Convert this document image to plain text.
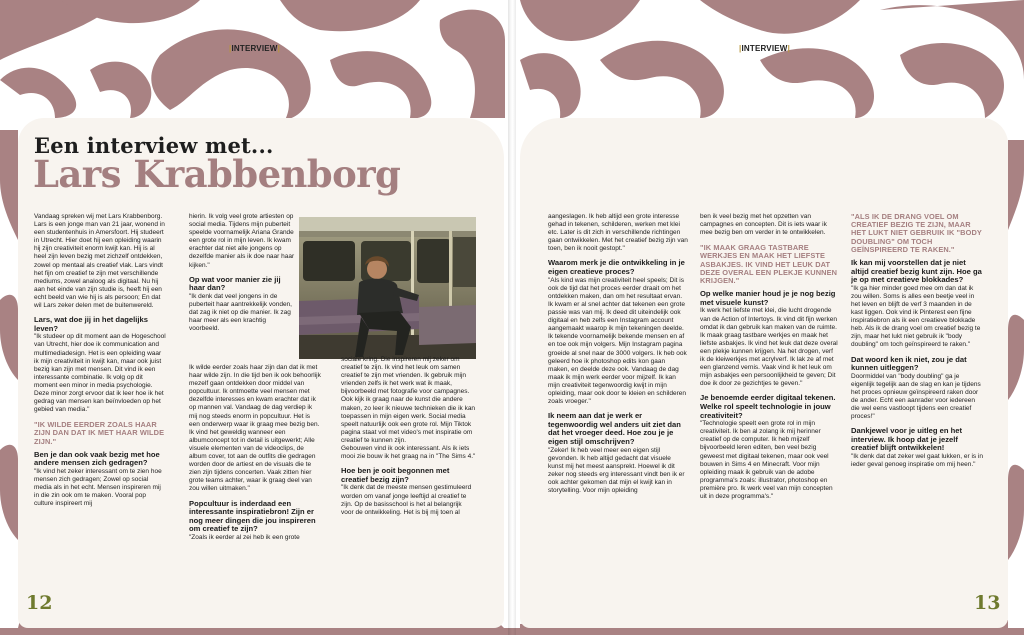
|INTERVIEW|	|INTERVIEW|
Een interview met...
Lars Krabbenborg

Vandaag spreken wij met Lars Krabbenborg. Lars is een jonge man van 21 jaar, wonend in een studentenhuis in Amersfoort. Hij studeert in Utrecht. Hier doet hij een opleiding waarin hij zijn creativiteit enorm kwijt kan. Hij is al heel zijn leven bezig met zichzelf ontdekken, zowel op mentaal als creatief vlak. Lars vindt het fijn om creatief te zijn met verschillende mediums, zowel analoog als digitaal. Nu hij aan het einde van zijn studie is, heeft hij een echt beeld van wie hij is als persoon; En dat wil Lars zeker delen met de buitenwereld.

Lars, wat doe jij in het dagelijks leven?

"Ik studeer op dit moment aan de Hogeschool van Utrecht, hier doe ik communication and multimediadesign. Het is een opleiding waar ik mijn creativiteit in kwijt kan, maar ook juist bezig kan zijn met mensen. Dit vind ik een interessante combinatie. Ik volg op dit moment een minor in media psychologie. Deze minor zorgt ervoor dat ik leer hoe ik het gedrag van mensen kan beïnvloeden op het gebied van media."

"IK WILDE EERDER ZOALS HAAR ZIJN DAN DAT IK MET HAAR WILDE ZIJN."

Ben je dan ook vaak bezig met hoe andere mensen zich gedragen?

"Ik vind het zeker interessant om te zien hoe mensen zich gedragen; Zowel op social media als in het echt. Mensen inspireren mij in die zin ook om te maken. Vooral pop culture inspireert mij

hierin. Ik volg veel grote artiesten op social media. Tijdens mijn puberteit speelde voornamelijk Ariana Grande een grote rol in mijn leven. Ik kwam erachter dat niet alle jongens op dezelfde manier als ik doe naar haar kijken."

Op wat voor manier zie jij haar dan?

"Ik denk dat veel jongens in de puberteit haar aantrekkelijk vonden, dat zag ik niet op die manier. Ik zag haar meer als een krachtig voorbeeld.

Ik wilde eerder zoals haar zijn dan dat ik met haar wilde zijn. In die tijd ben ik ook behoorlijk mezelf gaan ontdekken door middel van popcultuur. Ik ontmoette veel mensen met dezelfde interesses en kwam erachter dat ik op mannen val. Vandaag de dag verdiep ik mij nog steeds enorm in popcultuur. Het is een onderwerp waar ik graag mee bezig ben. Ik vind het geweldig wanneer een albumconcept tot in detail is uitgewerkt; Alle visuele elementen van de videoclips, de album cover, tot aan de outfits die gedragen worden door de artiest en de visuals die te zien zijn tijdens concerten. Vaak zitten hier grote teams achter, waar ik graag deel van zou willen uitmaken."

Popcultuur is inderdaad een interessante inspiratiebron! Zijn er nog meer dingen die jou inspireren om creatief te zijn?

"Zoals ik eerder al zei heb ik een grote

sociale kring. Die inspireren mij zeker om creatief te zijn. Ik vind het leuk om samen creatief te zijn met vrienden. Ik gebruik mijn vrienden zelfs ik het werk wat ik maak, bijvoorbeeld met fotografie voor campagnes. Ook kijk ik graag naar de kunst die andere maken, zo leer ik nieuwe technieken die ik kan toepassen in mijn eigen werk. Social media speelt natuurlijk ook een grote rol. Mijn Tiktok pagina staat vol met video's met inspiratie om creatief te kunnen zijn.

Gebouwen vind ik ook interessant. Als ik iets mooi zie bouw ik het graag na in "The Sims 4."

Hoe ben je ooit begonnen met creatief bezig zijn?

"Ik denk dat de meeste mensen gestimuleerd worden om vanaf jonge leeftijd al creatief te zijn. Op de basisschool is het al belangrijk voor de ontwikkeling. Het is bij mij toen al

aangeslagen. Ik heb altijd een grote interesse gehad in tekenen, schilderen, werken met klei etc. Later is dit zich in verschillende richtingen gaan ontwikkelen. Met het creatief bezig zijn van toen, ben ik nooit gestopt."

Waarom merk je die ontwikkeling in je eigen creatieve proces?

"Als kind was mijn creativiteit heel speels; Dit is ook de tijd dat het proces eerder draait om het ontdekken maken, dan om het resultaat ervan. Ik kwam er al snel achter dat tekenen een grote passie was van mij. Ik deed dit uiteindelijk ook digitaal en heb zelfs een Instagram account aangemaakt waarop ik mijn tekeningen deelde. Ik tekende voornamelijk bekende mensen en af en toe ook mijn volgers. Mijn Instagram pagina groeide al snel naar de 3000 volgers. Ik heb ook geleerd hoe ik photoshop edits kon gaan maken, en deelde deze ook. Vandaag de dag maak ik mijn werk eerder voor mijzelf. Ik kan mijn creativiteit tegenwoordig kwijt in mijn opleiding, maar ook door te kleien en schilderen zoals vroeger."

Ik neem aan dat je werk er tegenwoordig wel anders uit ziet dan dat het vroeger deed. Hoe zou je je eigen stijl omschrijven?

"Zeker! Ik heb veel meer een eigen stijl gevonden. Ik heb altijd gedacht dat visuele kunst mij het meest aansprekt. Hoewel ik dit zeker nog steeds erg interessant vindt ben ik er ook achter gekomen dat mijn el kwijt kan in storytelling. Voor mijn opleiding

ben ik veel bezig met het opzetten van campagnes en concepten. Dit is iets waar ik mee bezig ben om verder in te ontwikkelen.

"IK MAAK GRAAG TASTBARE WERKJES EN MAAK HET LIEFSTE ASBAKJES. IK VIND HET LEUK DAT DEZE OVERAL EEN PLEKJE KUNNEN KRIJGEN."

Op welke manier houd je je nog bezig met visuele kunst?

Ik werk het liefste met klei, die lucht drogende van de Action of Intertoys. Ik vind dit fijn werken omdat ik dan gebruik kan maken van de ruimte. Ik maak graag tastbare werkjes en maak het liefste asbakjes. Ik vind het leuk dat deze overal een plekje kunnen krijgen. Na het drogen, verf ik de kleiwerkjes met acrylverf. Ik lak ze af met een glanzend vernis. Vaak vind ik het leuk om mijn asbakjes een persoonlijkheid te geven; Dit doe ik door ze gezichtjes te geven."

Je benoemde eerder digitaal tekenen. Welke rol speelt technologie in jouw creativiteit?

"Technologie speelt een grote rol in mijn creativiteit. Ik ben al zolang ik mij herinner creatief op de computer. Ik heb mijzelf bijvoorbeeld leren editen, ben veel bezig geweest met digitaal tekenen, maar ook veel bouwen in Sims 4 en Minecraft. Voor mijn opleiding maak ik gebruik van de adobe programma's zoals: illustrator, photoshop en première pro. Ik werk veel van mijn concepten uit in deze programma's."

"ALS IK DE DRANG VOEL OM CREATIEF BEZIG TE ZIJN, MAAR HET LUKT NIET GEBRUIK IK "BODY DOUBLING" OM TOCH GEÏNSPIREERD TE RAKEN."

Ik kan mij voorstellen dat je niet altijd creatief bezig kunt zijn. Hoe ga je op met creatieve blokkades?

"Ik ga hier minder goed mee om dan dat ik zou willen. Soms is alles een beetje veel in het leven en blijft de verf 3 maanden in de kast liggen. Ook vind ik Pinterest een fijne inspiratiebron als ik een creatieve blokkade heb. Als ik de drang voel om creatief bezig te zijn, maar het lukt niet gebruik ik "body doubling" om toch geïnspireerd te raken."

Dat woord ken ik niet, zou je dat kunnen uitleggen?

Doormiddel van "body doubling" ga je eigenlijk tegelijk aan de slag en kan je tijdens het proces opnieuw geïnspireerd raken door de ander. Echt een aanrader voor iedereen die wel eens vastloopt tijdens een creatief proces!"

Dankjewel voor je uitleg en het interview. Ik hoop dat je jezelf creatief blijft ontwikkelen!

"Ik denk dat dat zeker wel gaat lukken, er is in ieder geval genoeg inspiratie om mij heen."

12	13
